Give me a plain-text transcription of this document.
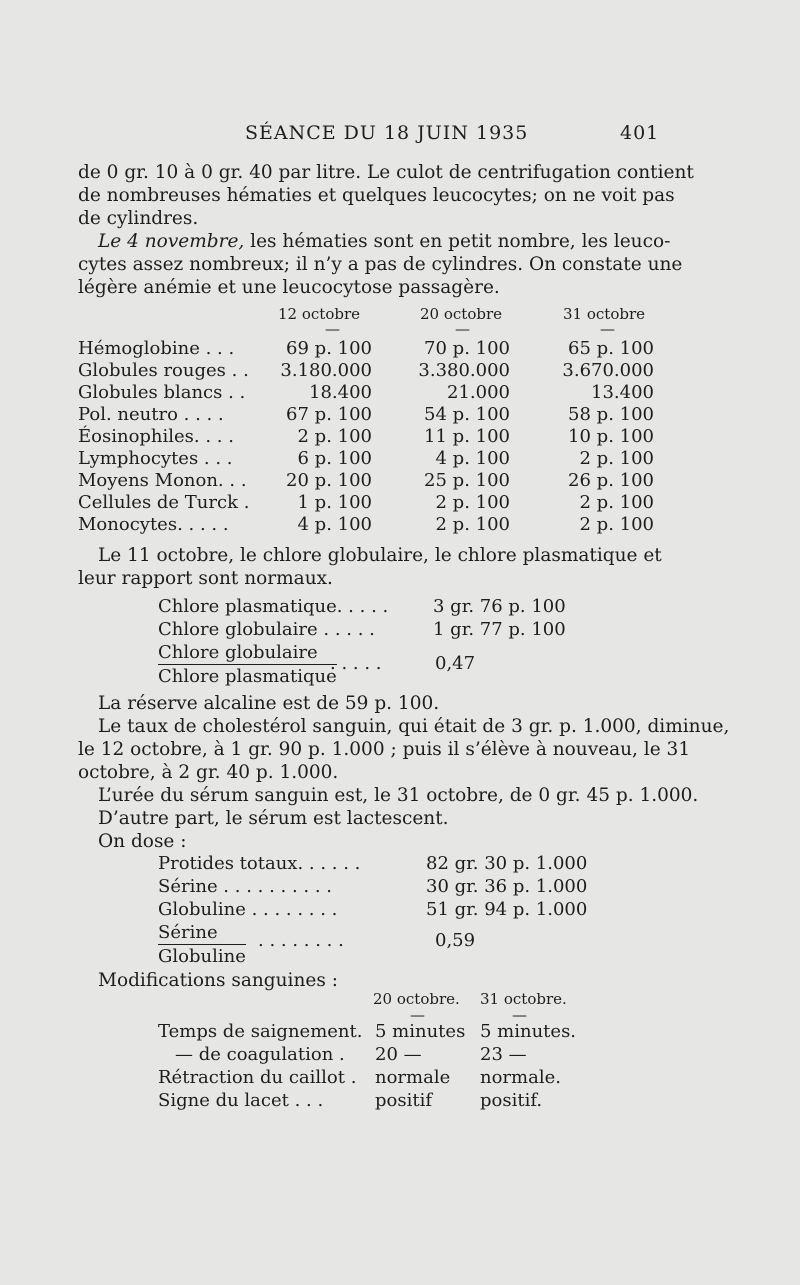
SÉANCE DU 18 JUIN 1935	401
de 0 gr. 10 à 0 gr. 40 par litre. Le culot de centrifugation contient
de nombreuses hématies et quelques leucocytes; on ne voit pas
de cylindres.
Le 4 novembre, les hématies sont en petit nombre, les leuco-
cytes assez nombreux; il n’y a pas de cylindres. On constate une
légère anémie et une leucocytose passagère.
12 octobre	20 octobre	31 octobre
—	—	—
Hémoglobine . . .	69 p. 100	70 p. 100	65 p. 100
Globules rouges . . 3.180.000	3.380.000	3.670.000
Globules blancs . .	18.400	21.000	13.400
Pol. neutro . . . .	67 p. 100	54 p. 100	58 p. 100
Éosinophiles. . . .	2 p. 100	11 p. 100	10 p. 100
Lymphocytes . . .	6 p. 100	4 p. 100	2 p. 100
Moyens Monon. . . 20 p. 100	25 p. 100	26 p. 100
Cellules de Turck .	1 p. 100	2 p. 100	2 p. 100
Monocytes. . . . .	4 p. 100	2 p. 100	2 p. 100
Le 11 octobre, le chlore globulaire, le chlore plasmatique et
leur rapport sont normaux.
Chlore plasmatique. . . . . 3 gr. 76 p. 100
Chlore globulaire . . . . .	1 gr. 77 p. 100
Chlore globulaire
Chlore plasmatique
. . . . .	0,47
La réserve alcaline est de 59 p. 100.
Le taux de cholestérol sanguin, qui était de 3 gr. p. 1.000, diminue,
le 12 octobre, à 1 gr. 90 p. 1.000 ; puis il s’élève à nouveau, le 31
octobre, à 2 gr. 40 p. 1.000.
L’urée du sérum sanguin est, le 31 octobre, de 0 gr. 45 p. 1.000.
D’autre part, le sérum est lactescent.
On dose :
Protides totaux. . . . . .	82 gr. 30 p. 1.000
Sérine . . . . . . . . . .	30 gr. 36 p. 1.000
Globuline . . . . . . . .	51 gr. 94 p. 1.000
Sérine
Globuline
. . . . . . . .	0,59
Modifications sanguines :
20 octobre. 31 octobre.
—	—
Temps de saignement. 5 minutes 5 minutes.
— de coagulation . 20 —	23 —
Rétraction du caillot . normale normale.
Signe du lacet . . .	positif	positif.
